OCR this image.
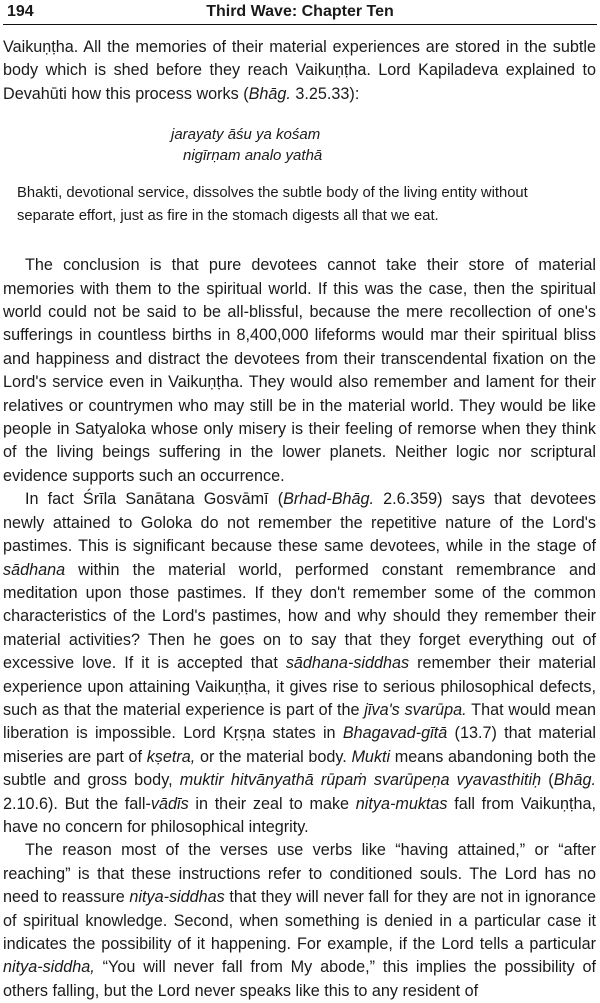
194	Third Wave: Chapter Ten

Vaikuṇṭha. All the memories of their material experiences are stored in the subtle body which is shed before they reach Vaikuṇṭha. Lord Kapiladeva explained to Devahūti how this process works (Bhāg. 3.25.33):

jarayaty āśu ya kośam
nigīrṇam analo yathā

Bhakti, devotional service, dissolves the subtle body of the living entity without separate effort, just as fire in the stomach digests all that we eat.

The conclusion is that pure devotees cannot take their store of material memories with them to the spiritual world. If this was the case, then the spiritual world could not be said to be all-blissful, because the mere recollection of one's sufferings in countless births in 8,400,000 lifeforms would mar their spiritual bliss and happiness and distract the devotees from their transcendental fixation on the Lord's service even in Vaikuṇṭha. They would also remember and lament for their relatives or countrymen who may still be in the material world. They would be like people in Satyaloka whose only misery is their feeling of remorse when they think of the living beings suffering in the lower planets. Neither logic nor scriptural evidence supports such an occurrence.

In fact Śrīla Sanātana Gosvāmī (Brhad-Bhāg. 2.6.359) says that devotees newly attained to Goloka do not remember the repetitive nature of the Lord's pastimes. This is significant because these same devotees, while in the stage of sādhana within the material world, performed constant remembrance and meditation upon those pastimes. If they don't remember some of the common characteristics of the Lord's pastimes, how and why should they remember their material activities? Then he goes on to say that they forget everything out of excessive love. If it is accepted that sādhana-siddhas remember their material experience upon attaining Vaikuṇṭha, it gives rise to serious philosophical defects, such as that the material experience is part of the jīva's svarūpa. That would mean liberation is impossible. Lord Kṛṣṇa states in Bhagavad-gītā (13.7) that material miseries are part of kṣetra, or the material body. Mukti means abandoning both the subtle and gross body, muktir hitvānyathā rūpaṁ svarūpeṇa vyavasthitiḥ (Bhāg. 2.10.6). But the fall-vādīs in their zeal to make nitya-muktas fall from Vaikuṇṭha, have no concern for philosophical integrity.

The reason most of the verses use verbs like “having attained,” or “after reaching” is that these instructions refer to conditioned souls. The Lord has no need to reassure nitya-siddhas that they will never fall for they are not in ignorance of spiritual knowledge. Second, when something is denied in a particular case it indicates the possibility of it happening. For example, if the Lord tells a particular nitya-siddha, “You will never fall from My abode,” this implies the possibility of others falling, but the Lord never speaks like this to any resident of
